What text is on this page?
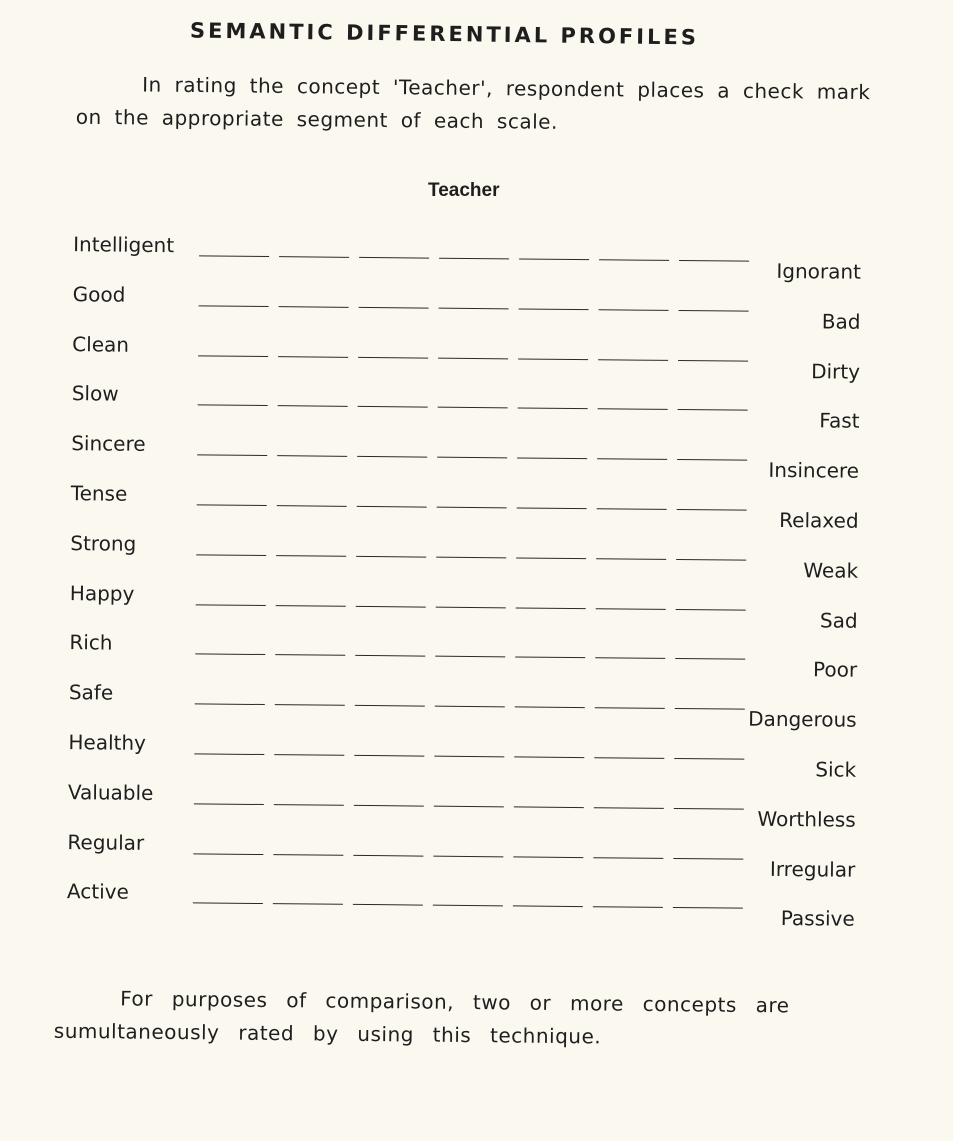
SEMANTIC DIFFERENTIAL PROFILES
In rating the concept 'Teacher', respondent places a check mark on the appropriate segment of each scale.
Teacher
Intelligent
Ignorant
Good
Bad
Clean
Dirty
Slow
Fast
Sincere
Insincere
Tense
Relaxed
Strong
Weak
Happy
Sad
Rich
Poor
Safe
Dangerous
Healthy
Sick
Valuable
Worthless
Regular
Irregular
Active
Passive
For purposes of comparison, two or more concepts are sumultaneously rated by using this technique.
